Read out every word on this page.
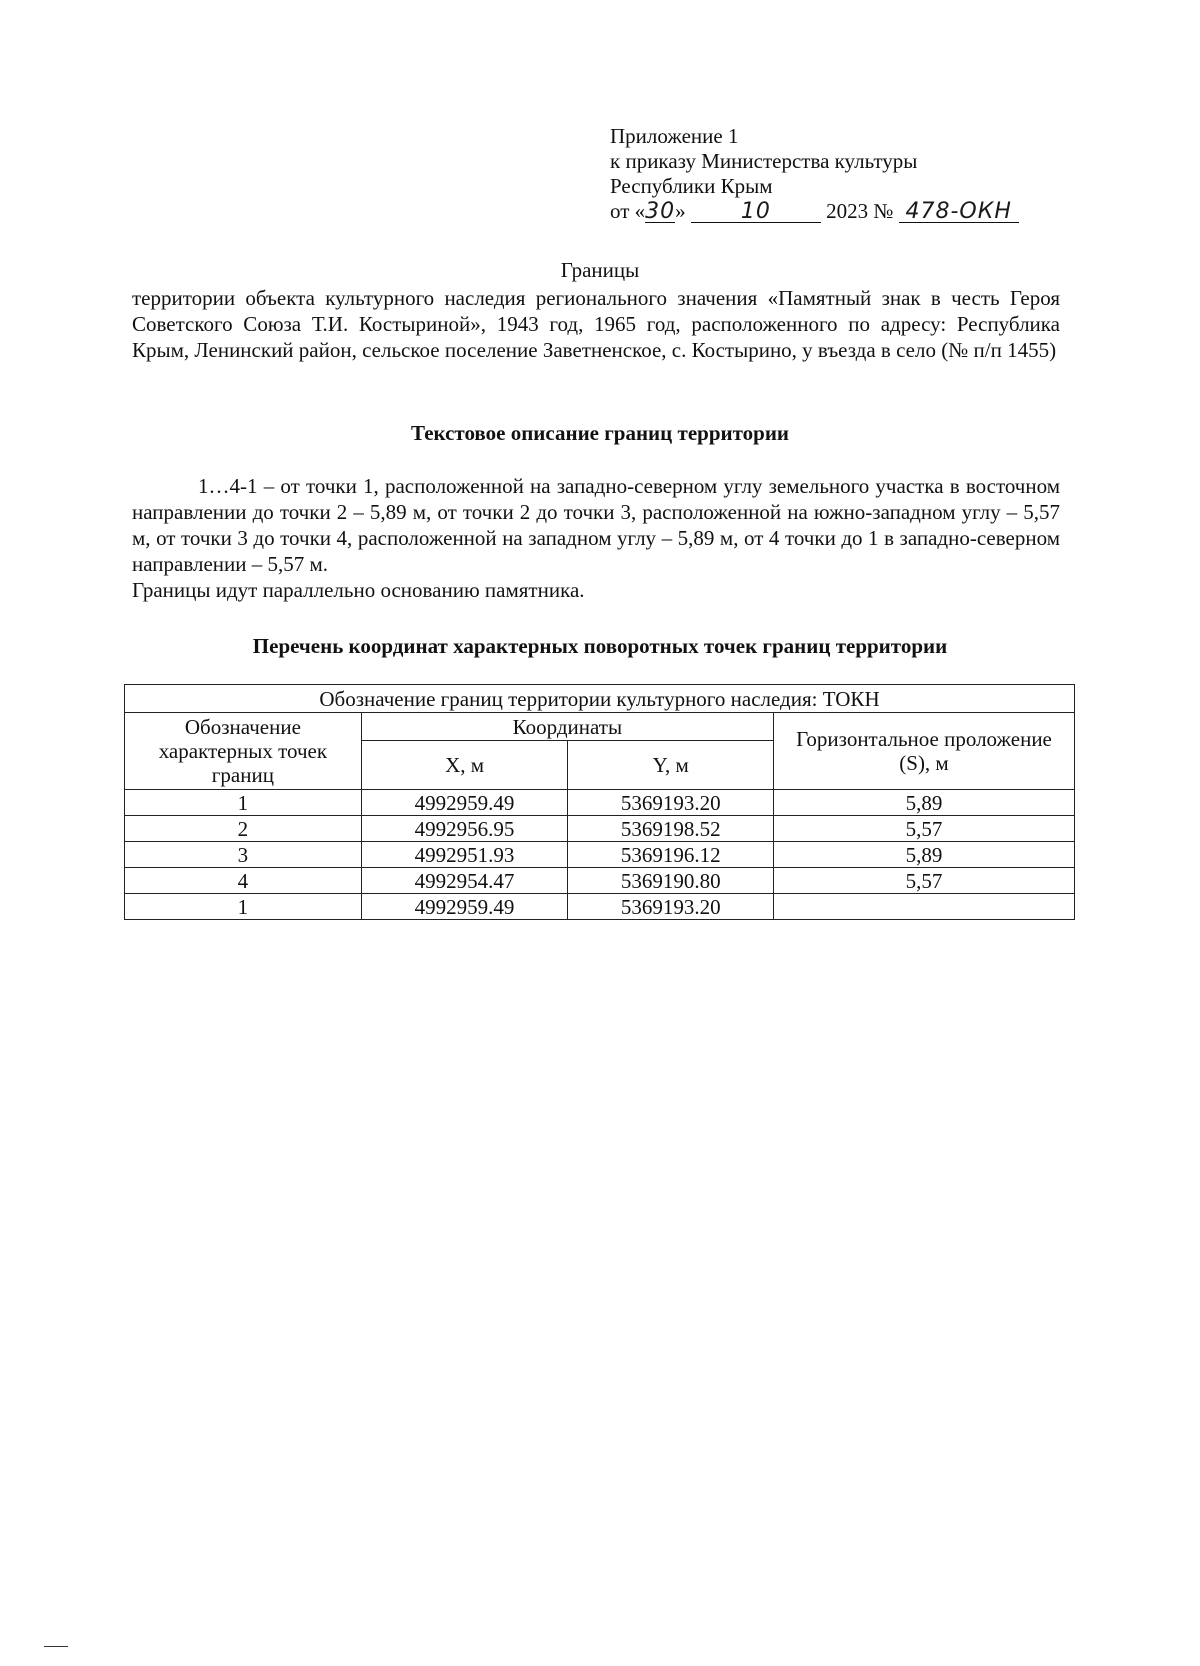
Приложение 1
к приказу Министерства культуры
Республики Крым
от «30»	10	2023 № 478-ОКН
Границы
территории объекта культурного наследия регионального значения «Памятный знак в честь Героя Советского Союза Т.И. Костыриной», 1943 год, 1965 год, расположенного по адресу: Республика Крым, Ленинский район, сельское поселение Заветненское, с. Костырино, у въезда в село (№ п/п 1455)
Текстовое описание границ территории
1…4-1 – от точки 1, расположенной на западно-северном углу земельного участка в восточном направлении до точки 2 – 5,89 м, от точки 2 до точки 3, расположенной на южно-западном углу – 5,57 м, от точки 3 до точки 4, расположенной на западном углу – 5,89 м, от 4 точки до 1 в западно-северном направлении – 5,57 м.
Границы идут параллельно основанию памятника.
Перечень координат характерных поворотных точек границ территории
Обозначение границ территории культурного наследия: ТОКН			
Обозначение характерных точек границ	Координаты		Горизонтальное проложение (S), м
	X, м	Y, м	
1	4992959.49	5369193.20	5,89
2	4992956.95	5369198.52	5,57
3	4992951.93	5369196.12	5,89
4	4992954.47	5369190.80	5,57
1	4992959.49	5369193.20	
